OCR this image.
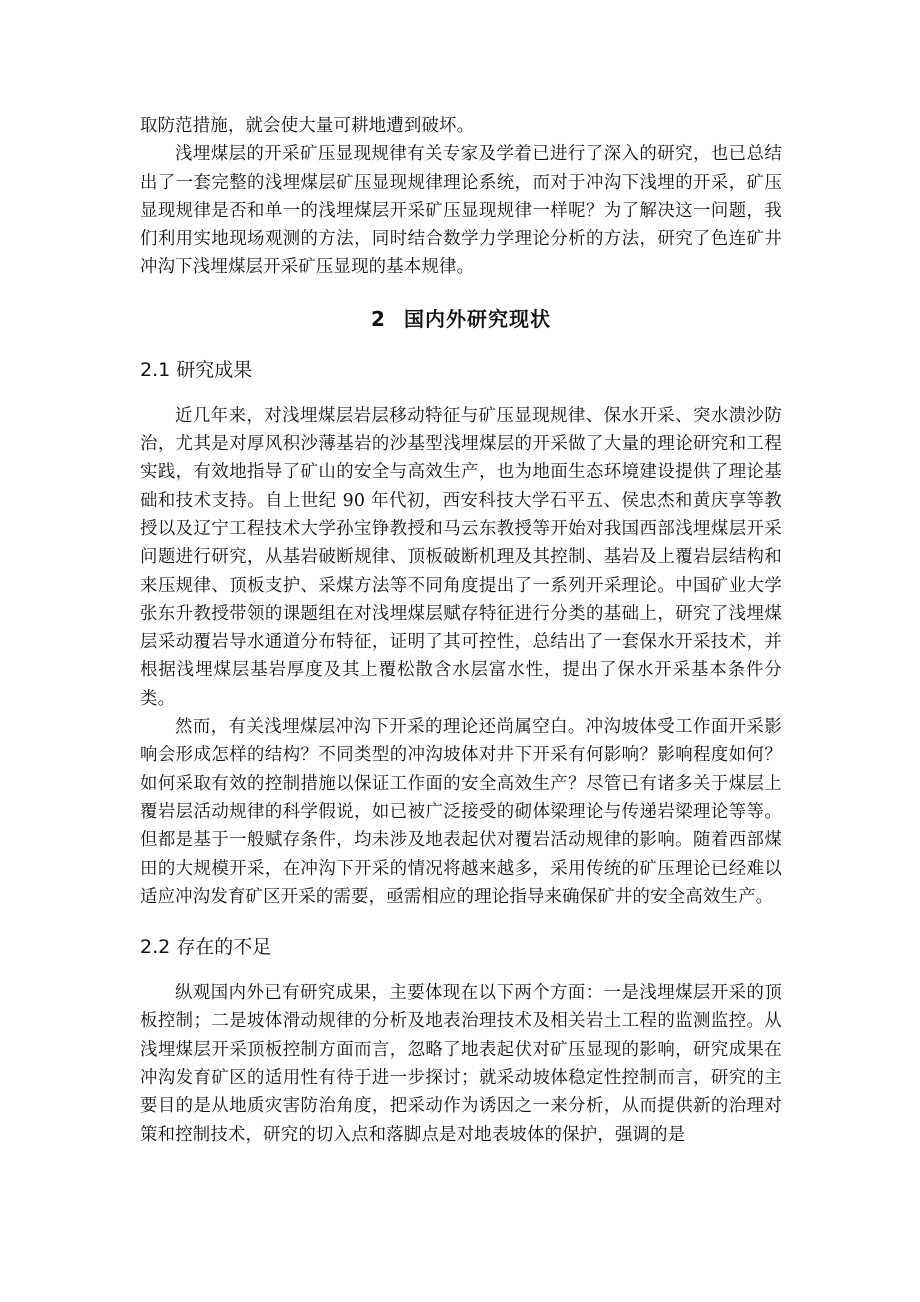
取防范措施，就会使大量可耕地遭到破坏。

浅埋煤层的开采矿压显现规律有关专家及学着已进行了深入的研究，也已总结出了一套完整的浅埋煤层矿压显现规律理论系统，而对于冲沟下浅埋的开采，矿压显现规律是否和单一的浅埋煤层开采矿压显现规律一样呢？为了解决这一问题，我们利用实地现场观测的方法，同时结合数学力学理论分析的方法，研究了色连矿井冲沟下浅埋煤层开采矿压显现的基本规律。

2 国内外研究现状
2.1 研究成果

近几年来，对浅埋煤层岩层移动特征与矿压显现规律、保水开采、突水溃沙防治，尤其是对厚风积沙薄基岩的沙基型浅埋煤层的开采做了大量的理论研究和工程实践，有效地指导了矿山的安全与高效生产，也为地面生态环境建设提供了理论基础和技术支持。自上世纪 90 年代初，西安科技大学石平五、侯忠杰和黄庆享等教授以及辽宁工程技术大学孙宝铮教授和马云东教授等开始对我国西部浅埋煤层开采问题进行研究，从基岩破断规律、顶板破断机理及其控制、基岩及上覆岩层结构和来压规律、顶板支护、采煤方法等不同角度提出了一系列开采理论。中国矿业大学张东升教授带领的课题组在对浅埋煤层赋存特征进行分类的基础上，研究了浅埋煤层采动覆岩导水通道分布特征，证明了其可控性，总结出了一套保水开采技术，并根据浅埋煤层基岩厚度及其上覆松散含水层富水性，提出了保水开采基本条件分类。

然而，有关浅埋煤层冲沟下开采的理论还尚属空白。冲沟坡体受工作面开采影响会形成怎样的结构？不同类型的冲沟坡体对井下开采有何影响？影响程度如何？如何采取有效的控制措施以保证工作面的安全高效生产？尽管已有诸多关于煤层上覆岩层活动规律的科学假说，如已被广泛接受的砌体梁理论与传递岩梁理论等等。但都是基于一般赋存条件，均未涉及地表起伏对覆岩活动规律的影响。随着西部煤田的大规模开采，在冲沟下开采的情况将越来越多，采用传统的矿压理论已经难以适应冲沟发育矿区开采的需要，亟需相应的理论指导来确保矿井的安全高效生产。

2.2 存在的不足

纵观国内外已有研究成果，主要体现在以下两个方面：一是浅埋煤层开采的顶板控制；二是坡体滑动规律的分析及地表治理技术及相关岩土工程的监测监控。从浅埋煤层开采顶板控制方面而言，忽略了地表起伏对矿压显现的影响，研究成果在冲沟发育矿区的适用性有待于进一步探讨；就采动坡体稳定性控制而言，研究的主要目的是从地质灾害防治角度，把采动作为诱因之一来分析，从而提供新的治理对策和控制技术，研究的切入点和落脚点是对地表坡体的保护，强调的是
